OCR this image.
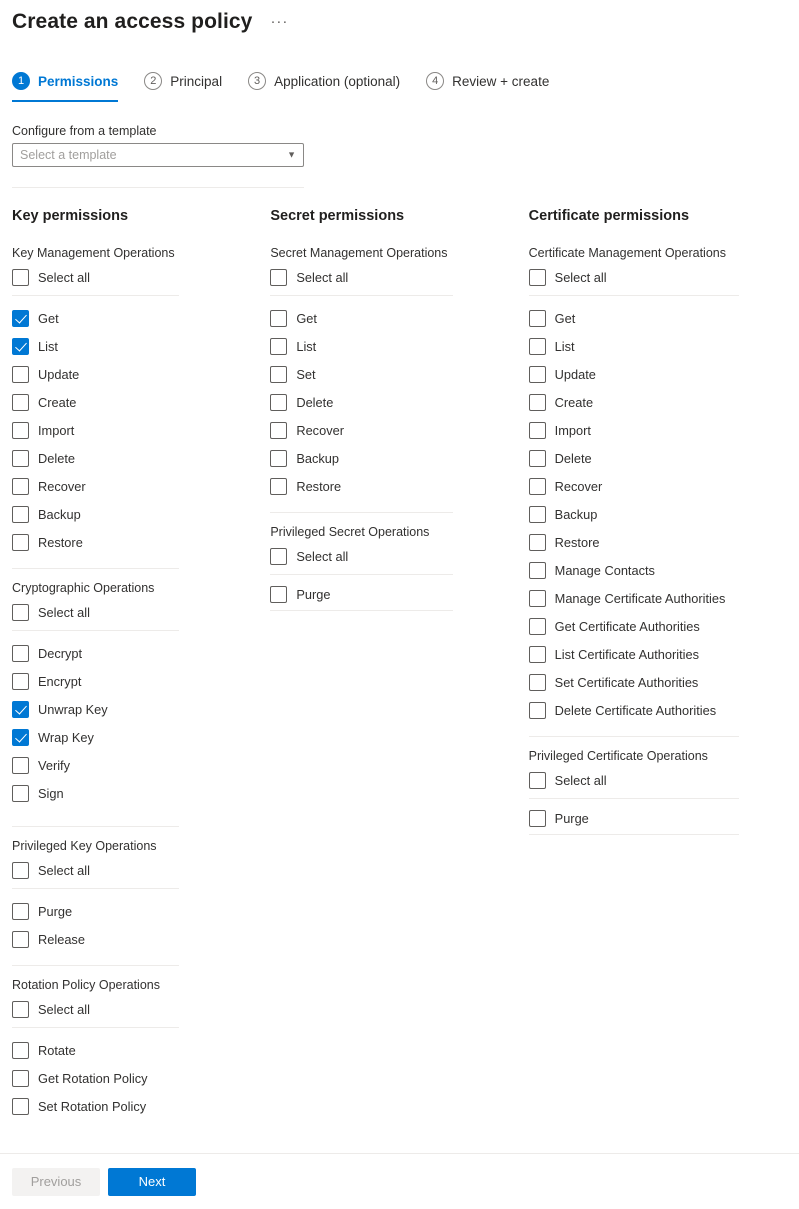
Create an access policy ···
1	Permissions	2	Principal	3	Application (optional)	4	Review + create
Configure from a template
Select a template
▼
Key permissions
Key Management Operations
Select all
Get
List
Update
Create
Import
Delete
Recover
Backup
Restore
Cryptographic Operations
Select all
Decrypt
Encrypt
Unwrap Key
Wrap Key
Verify
Sign
Privileged Key Operations
Select all
Purge
Release
Rotation Policy Operations
Select all
Rotate
Get Rotation Policy
Set Rotation Policy
Secret permissions
Secret Management Operations
Select all
Get
List
Set
Delete
Recover
Backup
Restore
Privileged Secret Operations
Select all
Purge
Certificate permissions
Certificate Management Operations
Select all
Get
List
Update
Create
Import
Delete
Recover
Backup
Restore
Manage Contacts
Manage Certificate Authorities
Get Certificate Authorities
List Certificate Authorities
Set Certificate Authorities
Delete Certificate Authorities
Privileged Certificate Operations
Select all
Purge
Previous	Next
